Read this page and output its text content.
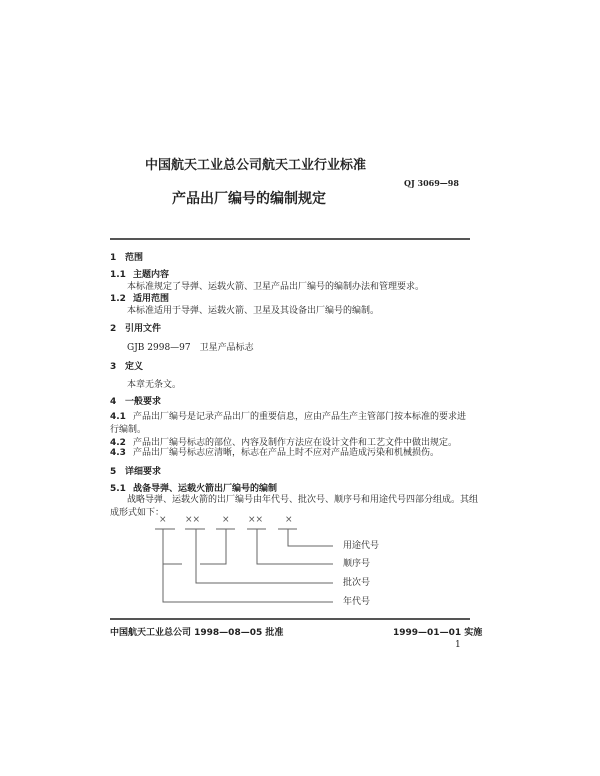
中国航天工业总公司航天工业行业标准
QJ 3069—98
产品出厂编号的编制规定
1 范围
1.1 主题内容
本标准规定了导弹、运载火箭、卫星产品出厂编号的编制办法和管理要求。
1.2 适用范围
本标准适用于导弹、运载火箭、卫星及其设备出厂编号的编制。
2 引用文件
GJB 2998—97　卫星产品标志
3 定义
本章无条文。
4 一般要求
4.1 产品出厂编号是记录产品出厂的重要信息，应由产品生产主管部门按本标准的要求进
行编制。
4.2 产品出厂编号标志的部位、内容及制作方法应在设计文件和工艺文件中做出规定。
4.3 产品出厂编号标志应清晰，标志在产品上时不应对产品造成污染和机械损伤。
5 详细要求
5.1 战备导弹、运载火箭出厂编号的编制
战略导弹、运载火箭的出厂编号由年代号、批次号、顺序号和用途代号四部分组成。其组
成形式如下：
× ×× × ×× ×
用途代号
顺序号
批次号
年代号
中国航天工业总公司 1998—08—05 批准	1999—01—01 实施
1
